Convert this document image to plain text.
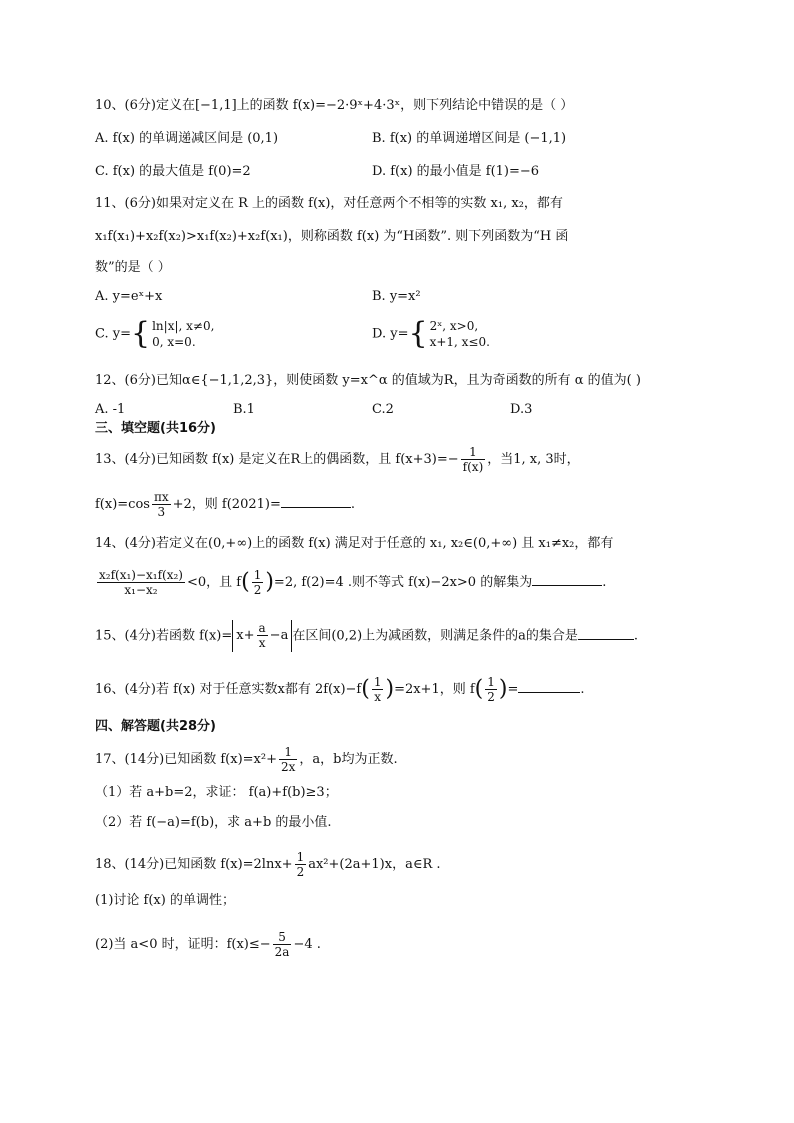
10、(6分)定义在[−1,1]上的函数 f(x)=−2·9ˣ+4·3ˣ，则下列结论中错误的是（ ）
A. f(x) 的单调递减区间是 (0,1)	B. f(x) 的单调递增区间是 (−1,1)
C. f(x) 的最大值是 f(0)=2	D. f(x) 的最小值是 f(1)=−6
11、(6分)如果对定义在 R 上的函数 f(x)，对任意两个不相等的实数 x₁, x₂，都有
x₁f(x₁)+x₂f(x₂)>x₁f(x₂)+x₂f(x₁)，则称函数 f(x) 为“H函数”. 则下列函数为“H 函
数”的是（ ）
A. y=eˣ+x	B. y=x²
C. y={ ln|x|, x≠0,
0, x=0.
D. y={ 2ˣ, x>0,
x+1, x≤0.
12、(6分)已知α∈{−1,1,2,3}，则使函数 y=x^α 的值域为R，且为奇函数的所有 α 的值为( )
A. -1	B.1	C.2	D.3
三、填空题(共16分)
13、(4分)已知函数 f(x) 是定义在R上的偶函数，且 $f(x+3)=- \frac{1}{f(x)}$ ，当1, x, 3时，
$f(x)=\cos \frac{\pi x}{3} +2$，则 f(2021)=	.
14、(4分)若定义在(0,+∞)上的函数 f(x) 满足对于任意的 x₁, x₂∈(0,+∞) 且 x₁≠x₂，都有
$\frac{\text{x₂f(x₁)−x₁f(x₂)}}{\text{x₁−x₂}} <0$，且 $f( \frac{1}{2} )=2$, f(2)=4 .则不等式 f(x)−2x>0 的解集为	.
15、(4分)若函数 $f(x)= x+ \frac{a}{x} -a$ 在区间(0,2)上为减函数，则满足条件的a的集合是	.
16、(4分)若 f(x) 对于任意实数x都有 $2f(x)-f( \frac{1}{x} )=2x+1$，则 $f( \frac{1}{2}$ )=	.
四、解答题(共28分)
17、(14分)已知函数 $f(x)=x^2+ \frac{1}{2x}$ ，a，b均为正数.
（1）若 a+b=2，求证： f(a)+f(b)≥3；
（2）若 f(−a)=f(b)，求 a+b 的最小值.
18、(14分)已知函数 $f(x)=2\ln x+ \frac{1}{2} ax^2+(2a+1)x$，a∈R .
(1)讨论 f(x) 的单调性；
(2)当 a<0 时，证明：$f(x)\le- \frac{5}{2a} -4$ .
